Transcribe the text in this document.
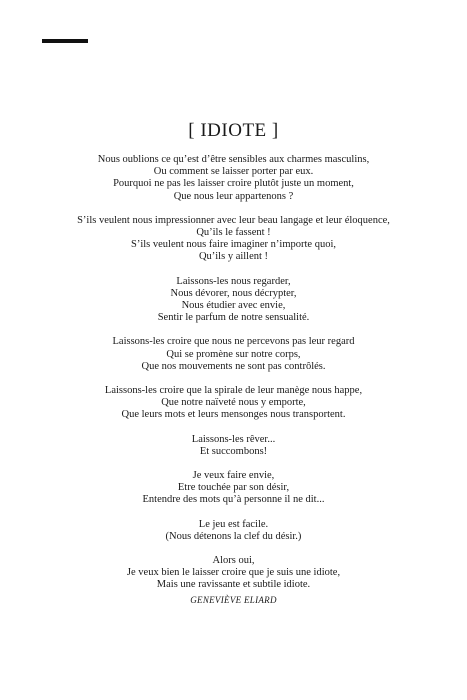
[ IDIOTE ]
Nous oublions ce qu’est d’être sensibles aux charmes masculins,
Ou comment se laisser porter par eux.
Pourquoi ne pas les laisser croire plutôt juste un moment,
Que nous leur appartenons ?
S’ils veulent nous impressionner avec leur beau langage et leur éloquence,
Qu’ils le fassent !
S’ils veulent nous faire imaginer n’importe quoi,
Qu’ils y aillent !
Laissons-les nous regarder,
Nous dévorer, nous décrypter,
Nous étudier avec envie,
Sentir le parfum de notre sensualité.
Laissons-les croire que nous ne percevons pas leur regard
Qui se promène sur notre corps,
Que nos mouvements ne sont pas contrôlés.
Laissons-les croire que la spirale de leur manège nous happe,
Que notre naïveté nous y emporte,
Que leurs mots et leurs mensonges nous transportent.
Laissons-les rêver...
Et succombons!
Je veux faire envie,
Etre touchée par son désir,
Entendre des mots qu’à personne il ne dit...
Le jeu est facile.
(Nous détenons la clef du désir.)
Alors oui,
Je veux bien le laisser croire que je suis une idiote,
Mais une ravissante et subtile idiote.
GENEVIÈVE ELIARD
